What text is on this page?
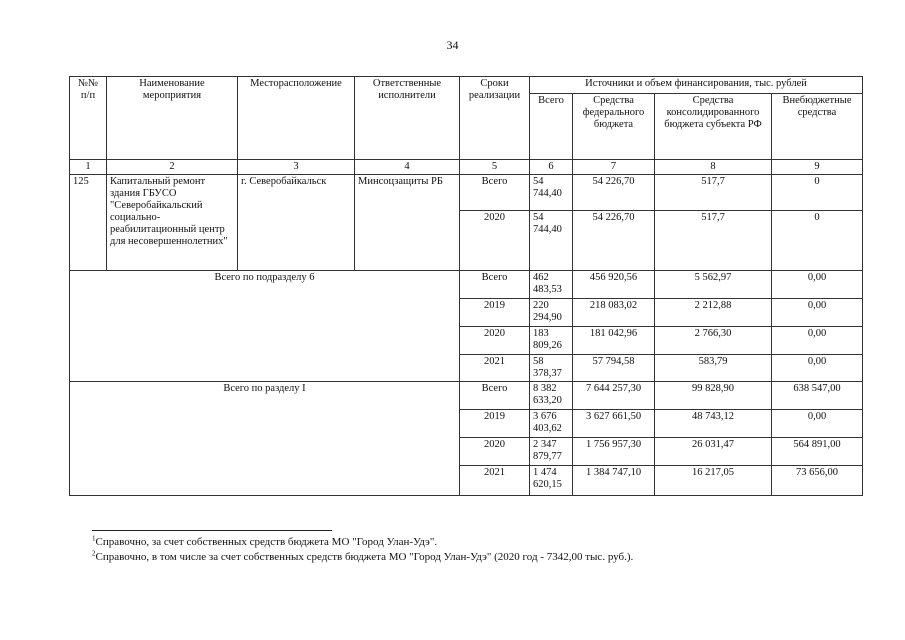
34
№№ п/п	Наименование мероприятия	Месторасположение	Ответственные исполнители	Сроки реализации	Источники и объем финансирования, тыс. рублей			
					Всего	Средства федерального бюджета	Средства консолидированного бюджета субъекта РФ	Внебюджетные средства
1	2	3	4	5	6	7	8	9
125	Капитальный ремонт здания ГБУСО "Северобайкальский социально-реабилитационный центр для несовершеннолетних"	г. Северобайкальск	Минсоцзащиты РБ	Всего	54 744,40	54 226,70	517,7	0
				2020	54 744,40	54 226,70	517,7	0
Всего по подразделу 6				Всего	462 483,53	456 920,56	5 562,97	0,00
				2019	220 294,90	218 083,02	2 212,88	0,00
				2020	183 809,26	181 042,96	2 766,30	0,00
				2021	58 378,37	57 794,58	583,79	0,00
Всего по разделу I				Всего	8 382 633,20	7 644 257,30	99 828,90	638 547,00
				2019	3 676 403,62	3 627 661,50	48 743,12	0,00
				2020	2 347 879,77	1 756 957,30	26 031,47	564 891,00
				2021	1 474 620,15	1 384 747,10	16 217,05	73 656,00
$^1$Справочно, за счет собственных средств бюджета МО "Город Улан-Удэ".
$^2$Справочно, в том числе за счет собственных средств бюджета МО "Город Улан-Удэ" (2020 год - 7342,00 тыс. руб.).
